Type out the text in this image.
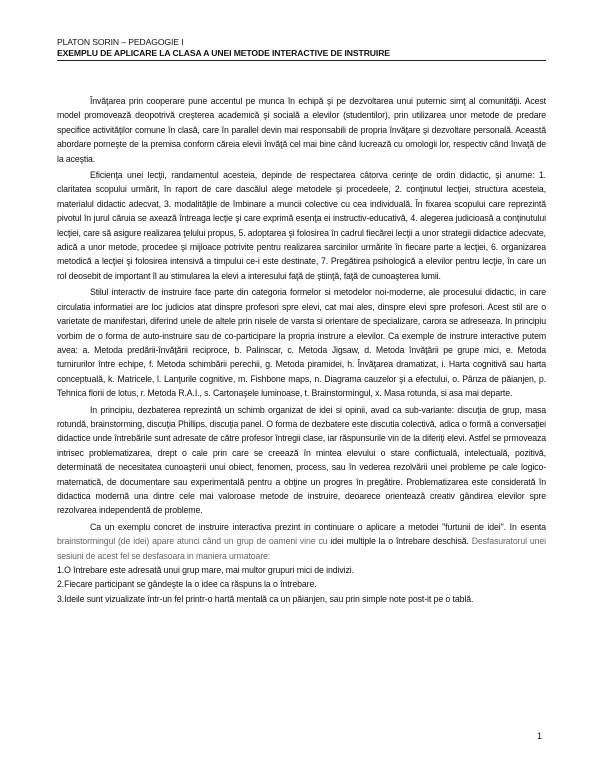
PLATON SORIN – PEDAGOGIE I
EXEMPLU DE APLICARE LA CLASA A UNEI METODE INTERACTIVE DE INSTRUIRE

Învăţarea prin cooperare pune accentul pe munca în echipă şi pe dezvoltarea unui puternic simţ al comunităţii. Acest model promovează deopotrivă creşterea academică şi socială a elevilor (studentilor), prin utilizarea unor metode de predare specifice activităţilor comune în clasă, care în parallel devin mai responsabili de propria învăţare şi dezvoltare personală. Această abordare porneşte de la premisa conform căreia elevii învăţă cel mai bine când lucrează cu omologii lor, respectiv când învaţă de la aceştia.

Eficienţa unei lecţii, randamentul acesteia, depinde de respectarea câtorva cerinţe de ordin didactic, şi anume: 1. claritatea scopului urmărit, în raport de care dascălul alege metodele şi procedeele, 2. conţinutul lecţiei, structura acesteia, materialul didactic adecvat, 3. modalităţile de îmbinare a muncii colective cu cea individuală. În fixarea scopului care reprezintă pivotul în jurul căruia se axează întreaga lecţie şi care exprimă esenţa ei instructiv-educativă, 4. alegerea judicioasă a conţinutului lecţiei, care să asigure realizarea ţelului propus, 5. adoptarea şi folosirea în cadrul fiecărei lecţii a unor strategii didactice adecvate, adică a unor metode, procedee şi mijloace potrivite pentru realizarea sarcinilor urmărite în fiecare parte a lecţiei, 6. organizarea metodică a lecţiei şi folosirea intensivă a timpului ce-i este destinate, 7. Pregătirea psihologică a elevilor pentru lecţie, în care un rol deosebit de important îl au stimularea la elevi a interesului faţă de ştiinţă, faţă de cunoaşterea lumii.

Stilul interactiv de instruire face parte din categoria formelor si metodelor noi-moderne, ale procesului didactic, in care circulatia informatiei are loc judicios atat dinspre profesori spre elevi, cat mai ales, dinspre elevi spre profesori. Acest stil are o varietate de manifestari, diferind unele de altele prin nisele de varsta si orientare de specializare, carora se adreseaza. In principiu vorbim de o forma de auto-instruire sau de co-participare la propria instrure a elevilor. Ca exemple de instrure interactive putem avea: a. Metoda predării-învăţării reciproce, b. Palinscar, c. Metoda Jigsaw, d. Metoda învăţării pe grupe mici, e. Metoda turnirurilor între echipe, f. Metoda schimbării perechii, g. Metoda piramidei, h. Învăţarea dramatizat, i. Harta cognitivă sau harta conceptuală, k. Matricele, l. Lanţurile cognitive, m. Fishbone maps, n. Diagrama cauzelor şi a efectului, o. Pânza de păianjen, p. Tehnica florii de lotus, r. Metoda R.A.I., s. Cartonaşele luminoase, t. Brainstormingul, x. Masa rotunda, si asa mai departe.

In principiu, dezbaterea reprezintă un schimb organizat de idei si opinii, avad ca sub-variante: discuţia de grup, masa rotundă, brainstorming, discuţia Phillips, discuţia panel. O forma de dezbatere este discutia colectivă, adica o formă a conversaţiei didactice unde întrebările sunt adresate de către profesor întregii clase, iar răspunsurile vin de la diferiţi elevi. Astfel se prmoveaza intrisec problematizarea, drept o cale prin care se creează în mintea elevului o stare conflictuală, intelectuală, pozitivă, determinată de necesitatea cunoaşterii unui obiect, fenomen, process, sau în vederea rezolvării unei probleme pe cale logico-matematică, de documentare sau experimentală pentru a obţine un progres în pregătire. Problematizarea este considerată în didactica modernă una dintre cele mai valoroase metode de instruire, deoarece orientează creativ gândirea elevilor spre rezolvarea independentă de probleme.

Ca un exemplu concret de instruire interactiva prezint in continuare o aplicare a metodei "furtunii de idei". In esenta brainstormingul (de idei) apare atunci când un grup de oameni vine cu idei multiple la o întrebare deschisă. Desfasuratorul unei sesiuni de acest fel se desfasoara in maniera urmatoare:

1.O întrebare este adresată unui grup mare, mai multor grupuri mici de indivizi.

2.Fiecare participant se gândeşte la o idee ca răspuns la o întrebare.

3.Ideile sunt vizualizate într-un fel printr-o hartă mentală ca un păianjen, sau prin simple note post-it pe o tablă.

1
